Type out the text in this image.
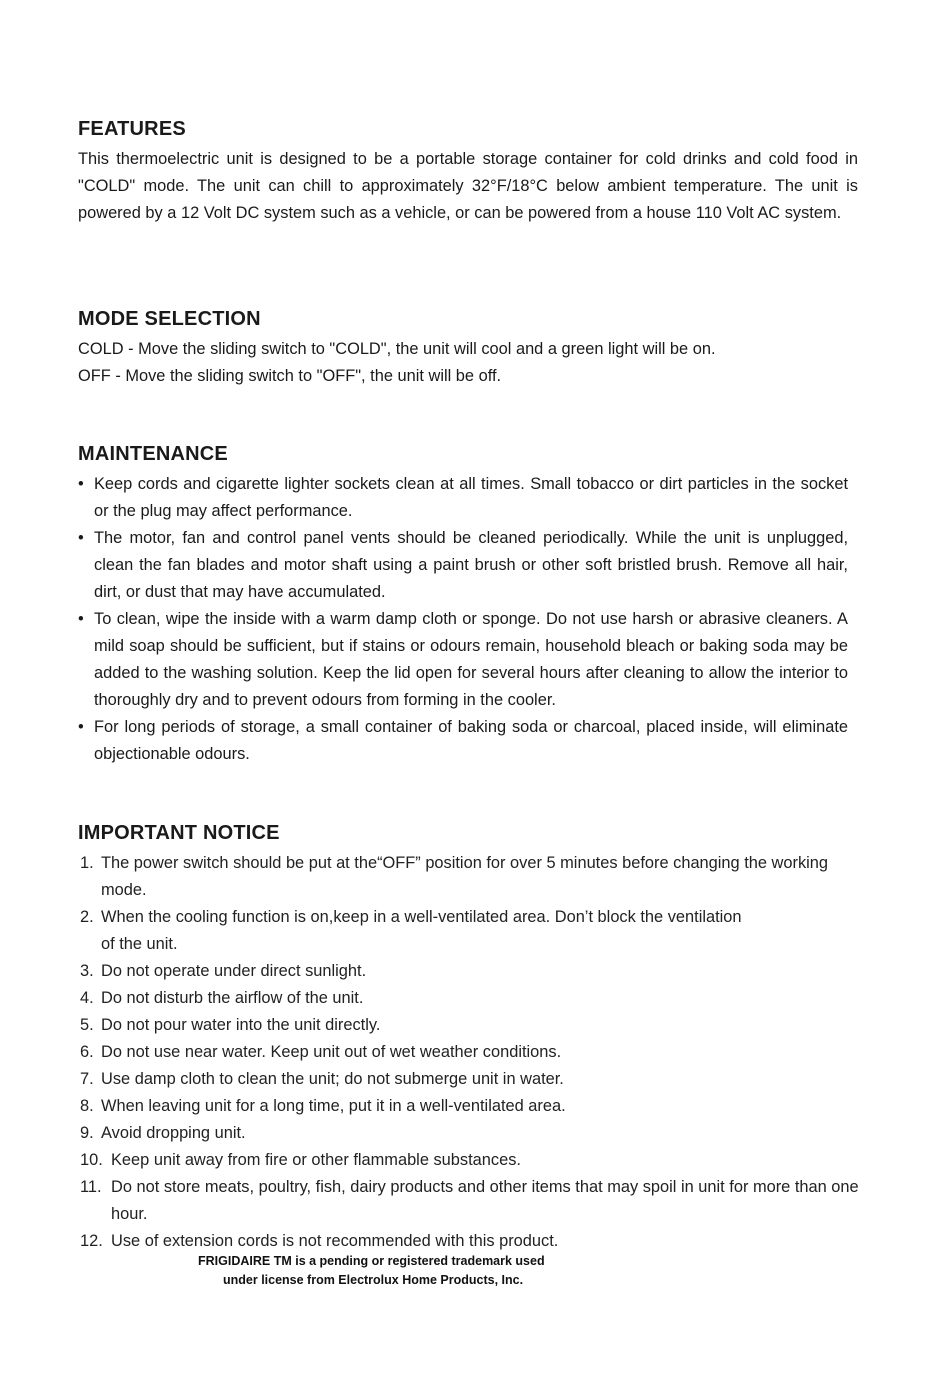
FEATURES

This thermoelectric unit is designed to be a portable storage container for cold drinks and cold food in "COLD" mode. The unit can chill to approximately 32°F/18°C below ambient temperature. The unit is powered by a 12 Volt DC system such as a vehicle, or can be powered from a house 110 Volt AC system.

MODE SELECTION
COLD - Move the sliding switch to "COLD", the unit will cool and a green light will be on.
OFF - Move the sliding switch to "OFF", the unit will be off.
MAINTENANCE
• Keep cords and cigarette lighter sockets clean at all times. Small tobacco or dirt particles in the socket or the plug may affect performance.
• The motor, fan and control panel vents should be cleaned periodically. While the unit is unplugged, clean the fan blades and motor shaft using a paint brush or other soft bristled brush. Remove all hair, dirt, or dust that may have accumulated.
• To clean, wipe the inside with a warm damp cloth or sponge. Do not use harsh or abrasive cleaners. A mild soap should be sufficient, but if stains or odours remain, household bleach or baking soda may be added to the washing solution. Keep the lid open for several hours after cleaning to allow the interior to thoroughly dry and to prevent odours from forming in the cooler.
• For long periods of storage, a small container of baking soda or charcoal, placed inside, will eliminate objectionable odours.
IMPORTANT NOTICE
1. The power switch should be put at the“OFF” position for over 5 minutes before changing the working mode.
2. When the cooling function is on,keep in a well-ventilated area. Don’t block the ventilation of the unit.
3. Do not operate under direct sunlight.
4. Do not disturb the airflow of the unit.
5. Do not pour water into the unit directly.
6. Do not use near water. Keep unit out of wet weather conditions.
7. Use damp cloth to clean the unit; do not submerge unit in water.
8. When leaving unit for a long time, put it in a well-ventilated area.
9. Avoid dropping unit.
10. Keep unit away from fire or other flammable substances.
11. Do not store meats, poultry, fish, dairy products and other items that may spoil in unit for more than one hour.
12. Use of extension cords is not recommended with this product.
FRIGIDAIRE TM is a pending or registered trademark used
under license from Electrolux Home Products, Inc.
